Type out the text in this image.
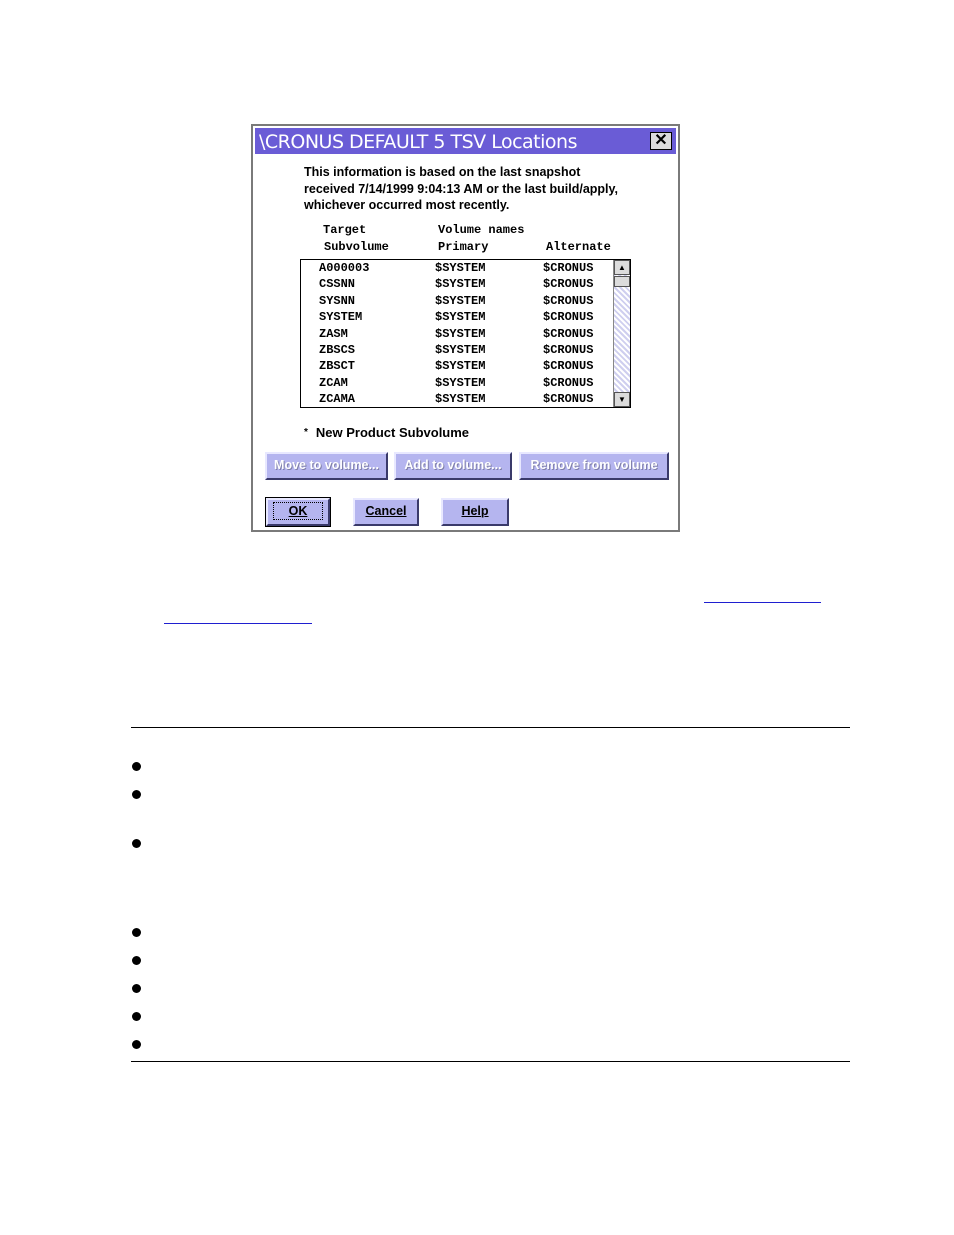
\CRONUS DEFAULT 5 TSV Locations	✕
This information is based on the last snapshot received 7/14/1999 9:04:13 AM or the last build/apply, whichever occurred most recently.
Target
Subvolume
Volume names
Primary	Alternate
A000003	$SYSTEM	$CRONUS
CSSNN	$SYSTEM	$CRONUS
SYSNN	$SYSTEM	$CRONUS
SYSTEM	$SYSTEM	$CRONUS
ZASM	$SYSTEM	$CRONUS
ZBSCS	$SYSTEM	$CRONUS
ZBSCT	$SYSTEM	$CRONUS
ZCAM	$SYSTEM	$CRONUS
ZCAMA	$SYSTEM	$CRONUS
▲
▼
* New Product Subvolume
Move to volume...	Add to volume...	Remove from volume
OK	Cancel	Help
